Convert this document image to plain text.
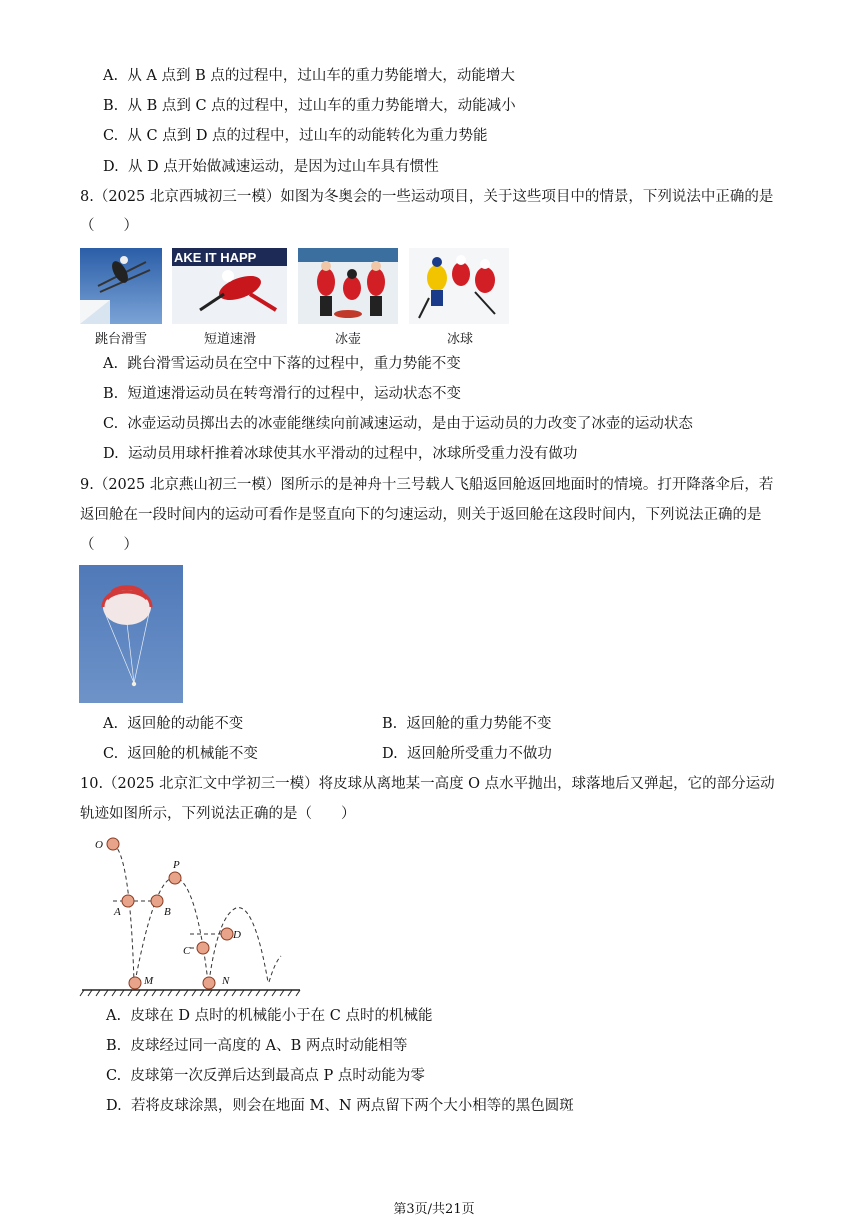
A. 从 A 点到 B 点的过程中，过山车的重力势能增大，动能增大
B. 从 B 点到 C 点的过程中，过山车的重力势能增大，动能减小
C. 从 C 点到 D 点的过程中，过山车的动能转化为重力势能
D. 从 D 点开始做减速运动，是因为过山车具有惯性
8.（2025 北京西城初三一模）如图为冬奥会的一些运动项目，关于这些项目中的情景，下列说法中正确的是
（　　）
AKE IT HAPP
跳台滑雪	短道速滑	冰壶	冰球
A. 跳台滑雪运动员在空中下落的过程中，重力势能不变
B. 短道速滑运动员在转弯滑行的过程中，运动状态不变
C. 冰壶运动员掷出去的冰壶能继续向前减速运动，是由于运动员的力改变了冰壶的运动状态
D. 运动员用球杆推着冰球使其水平滑动的过程中，冰球所受重力没有做功
9.（2025 北京燕山初三一模）图所示的是神舟十三号载人飞船返回舱返回地面时的情境。打开降落伞后，若
返回舱在一段时间内的运动可看作是竖直向下的匀速运动，则关于返回舱在这段时间内，下列说法正确的是
（　　）
A. 返回舱的动能不变	B. 返回舱的重力势能不变
C. 返回舱的机械能不变	D. 返回舱所受重力不做功
10.（2025 北京汇文中学初三一模）将皮球从离地某一高度 O 点水平抛出，球落地后又弹起，它的部分运动
轨迹如图所示，下列说法正确的是（　　）
O
P
A	B
C
D
M	N
A. 皮球在 D 点时的机械能小于在 C 点时的机械能
B. 皮球经过同一高度的 A、B 两点时动能相等
C. 皮球第一次反弹后达到最高点 P 点时动能为零
D. 若将皮球涂黑，则会在地面 M、N 两点留下两个大小相等的黑色圆斑
第3页/共21页
